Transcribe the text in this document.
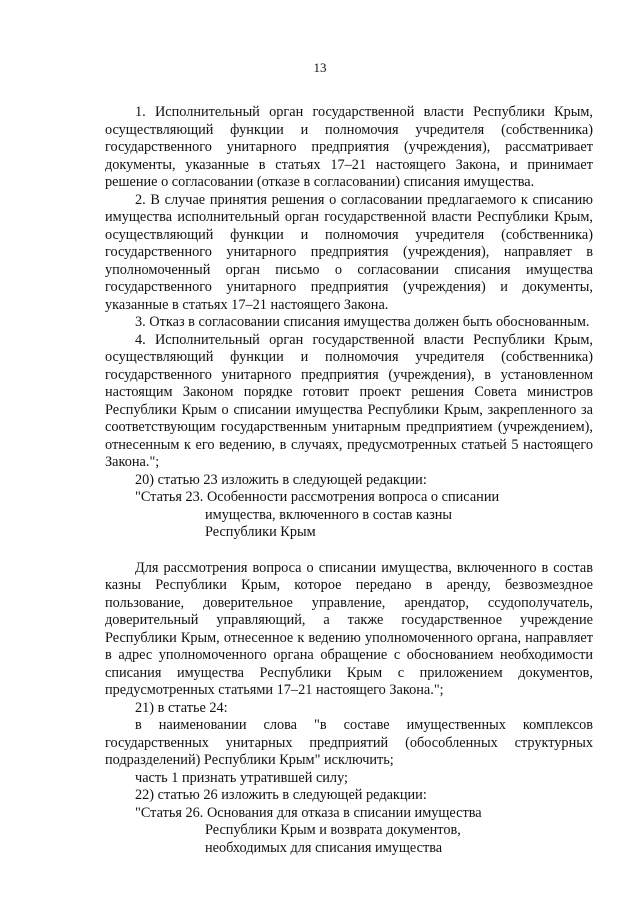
13

1. Исполнительный орган государственной власти Республики Крым, осуществляющий функции и полномочия учредителя (собственника) государственного унитарного предприятия (учреждения), рассматривает документы, указанные в статьях 17–21 настоящего Закона, и принимает решение о согласовании (отказе в согласовании) списания имущества.

2. В случае принятия решения о согласовании предлагаемого к списанию имущества исполнительный орган государственной власти Республики Крым, осуществляющий функции и полномочия учредителя (собственника) государственного унитарного предприятия (учреждения), направляет в уполномоченный орган письмо о согласовании списания имущества государственного унитарного предприятия (учреждения) и документы, указанные в статьях 17–21 настоящего Закона.

3. Отказ в согласовании списания имущества должен быть обоснованным.

4. Исполнительный орган государственной власти Республики Крым, осуществляющий функции и полномочия учредителя (собственника) государственного унитарного предприятия (учреждения), в установленном настоящим Законом порядке готовит проект решения Совета министров Республики Крым о списании имущества Республики Крым, закрепленного за соответствующим государственным унитарным предприятием (учреждением), отнесенным к его ведению, в случаях, предусмотренных статьей 5 настоящего Закона.";

20) статью 23 изложить в следующей редакции:

"Статья 23. Особенности рассмотрения вопроса о списании
имущества, включенного в состав казны
Республики Крым

Для рассмотрения вопроса о списании имущества, включенного в состав казны Республики Крым, которое передано в аренду, безвозмездное пользование, доверительное управление, арендатор, ссудополучатель, доверительный управляющий, а также государственное учреждение Республики Крым, отнесенное к ведению уполномоченного органа, направляет в адрес уполномоченного органа обращение с обоснованием необходимости списания имущества Республики Крым с приложением документов, предусмотренных статьями 17–21 настоящего Закона.";

21) в статье 24:

в наименовании слова "в составе имущественных комплексов государственных унитарных предприятий (обособленных структурных подразделений) Республики Крым" исключить;

часть 1 признать утратившей силу;

22) статью 26 изложить в следующей редакции:

"Статья 26. Основания для отказа в списании имущества
Республики Крым и возврата документов,
необходимых для списания имущества
